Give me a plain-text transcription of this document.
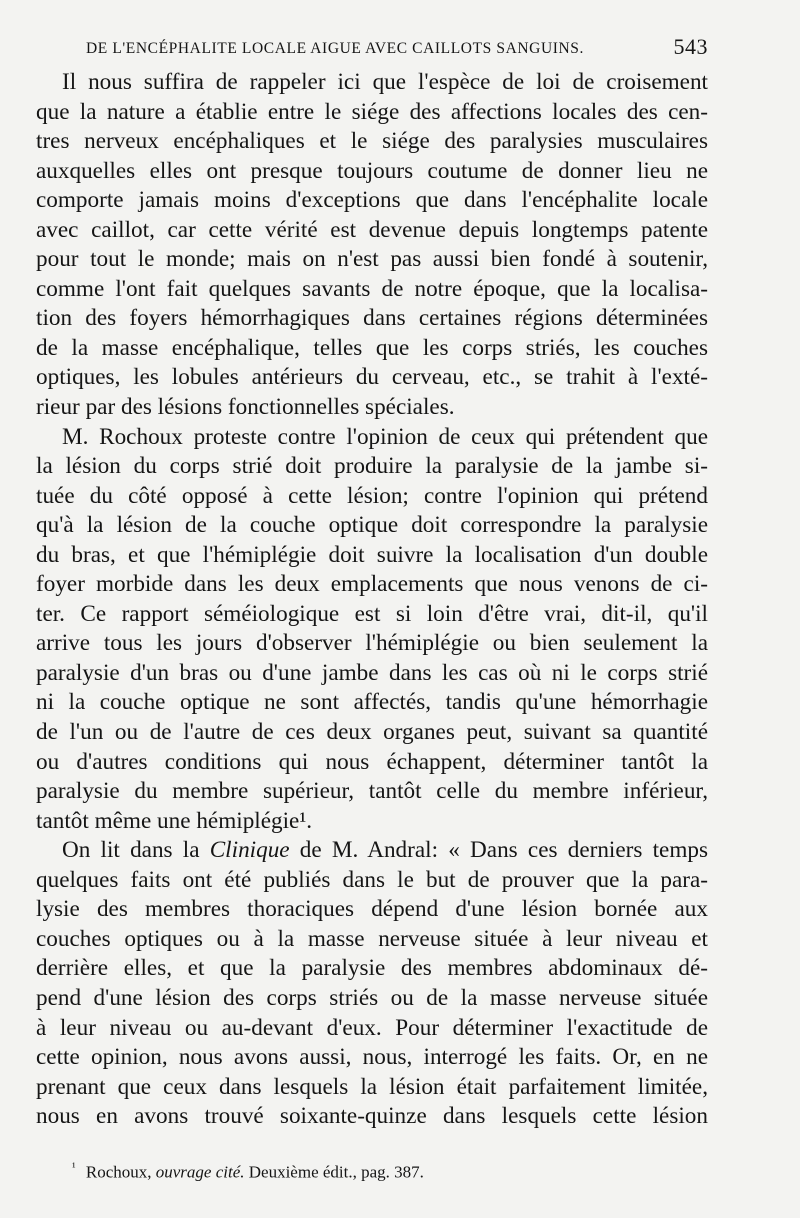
DE L'ENCÉPHALITE LOCALE AIGUE AVEC CAILLOTS SANGUINS.	543
Il nous suffira de rappeler ici que l'espèce de loi de croisement
que la nature a établie entre le siége des affections locales des cen-
tres nerveux encéphaliques et le siége des paralysies musculaires
auxquelles elles ont presque toujours coutume de donner lieu ne
comporte jamais moins d'exceptions que dans l'encéphalite locale
avec caillot, car cette vérité est devenue depuis longtemps patente
pour tout le monde; mais on n'est pas aussi bien fondé à soutenir,
comme l'ont fait quelques savants de notre époque, que la localisa-
tion des foyers hémorrhagiques dans certaines régions déterminées
de la masse encéphalique, telles que les corps striés, les couches
optiques, les lobules antérieurs du cerveau, etc., se trahit à l'exté-
rieur par des lésions fonctionnelles spéciales.
M. Rochoux proteste contre l'opinion de ceux qui prétendent que
la lésion du corps strié doit produire la paralysie de la jambe si-
tuée du côté opposé à cette lésion; contre l'opinion qui prétend
qu'à la lésion de la couche optique doit correspondre la paralysie
du bras, et que l'hémiplégie doit suivre la localisation d'un double
foyer morbide dans les deux emplacements que nous venons de ci-
ter. Ce rapport séméiologique est si loin d'être vrai, dit-il, qu'il
arrive tous les jours d'observer l'hémiplégie ou bien seulement la
paralysie d'un bras ou d'une jambe dans les cas où ni le corps strié
ni la couche optique ne sont affectés, tandis qu'une hémorrhagie
de l'un ou de l'autre de ces deux organes peut, suivant sa quantité
ou d'autres conditions qui nous échappent, déterminer tantôt la
paralysie du membre supérieur, tantôt celle du membre inférieur,
tantôt même une hémiplégie¹.
On lit dans la Clinique de M. Andral: « Dans ces derniers temps
quelques faits ont été publiés dans le but de prouver que la para-
lysie des membres thoraciques dépend d'une lésion bornée aux
couches optiques ou à la masse nerveuse située à leur niveau et
derrière elles, et que la paralysie des membres abdominaux dé-
pend d'une lésion des corps striés ou de la masse nerveuse située
à leur niveau ou au-devant d'eux. Pour déterminer l'exactitude de
cette opinion, nous avons aussi, nous, interrogé les faits. Or, en ne
prenant que ceux dans lesquels la lésion était parfaitement limitée,
nous en avons trouvé soixante-quinze dans lesquels cette lésion
$^{^1}$ Rochoux, ouvrage cité. Deuxième édit., pag. 387.
